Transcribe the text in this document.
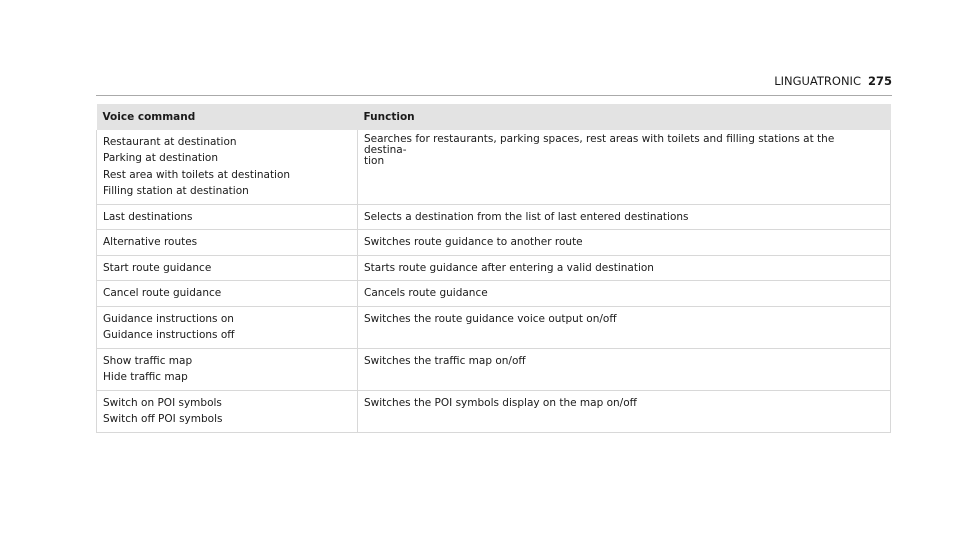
LINGUATRONIC 275
Voice command	Function

Restaurant at destination
Parking at destination
Rest area with toilets at destination
Filling station at destination	Searches for restaurants, parking spaces, rest areas with toilets and filling stations at the destina-
tion

Last destinations	Selects a destination from the list of last entered destinations

Alternative routes	Switches route guidance to another route

Start route guidance	Starts route guidance after entering a valid destination

Cancel route guidance	Cancels route guidance

Guidance instructions on
Guidance instructions off	Switches the route guidance voice output on/off

Show traffic map
Hide traffic map	Switches the traffic map on/off

Switch on POI symbols
Switch off POI symbols	Switches the POI symbols display on the map on/off
